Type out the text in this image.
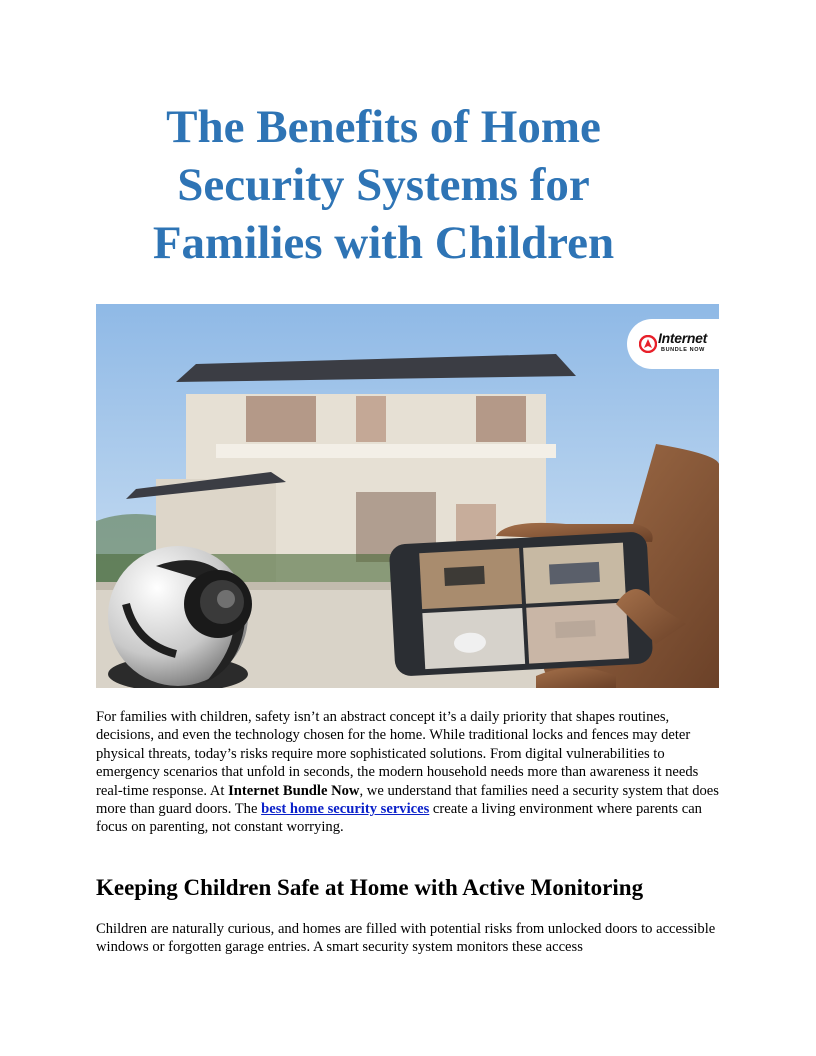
The Benefits of Home
Security Systems for
Families with Children
Internet
BUNDLE NOW

For families with children, safety isn’t an abstract concept it’s a daily priority that shapes routines, decisions, and even the technology chosen for the home. While traditional locks and fences may deter physical threats, today’s risks require more sophisticated solutions. From digital vulnerabilities to emergency scenarios that unfold in seconds, the modern household needs more than awareness it needs real-time response. At Internet Bundle Now, we understand that families need a security system that does more than guard doors. The best home security services create a living environment where parents can focus on parenting, not constant worrying.

Keeping Children Safe at Home with Active Monitoring

Children are naturally curious, and homes are filled with potential risks from unlocked doors to accessible windows or forgotten garage entries. A smart security system monitors these access
